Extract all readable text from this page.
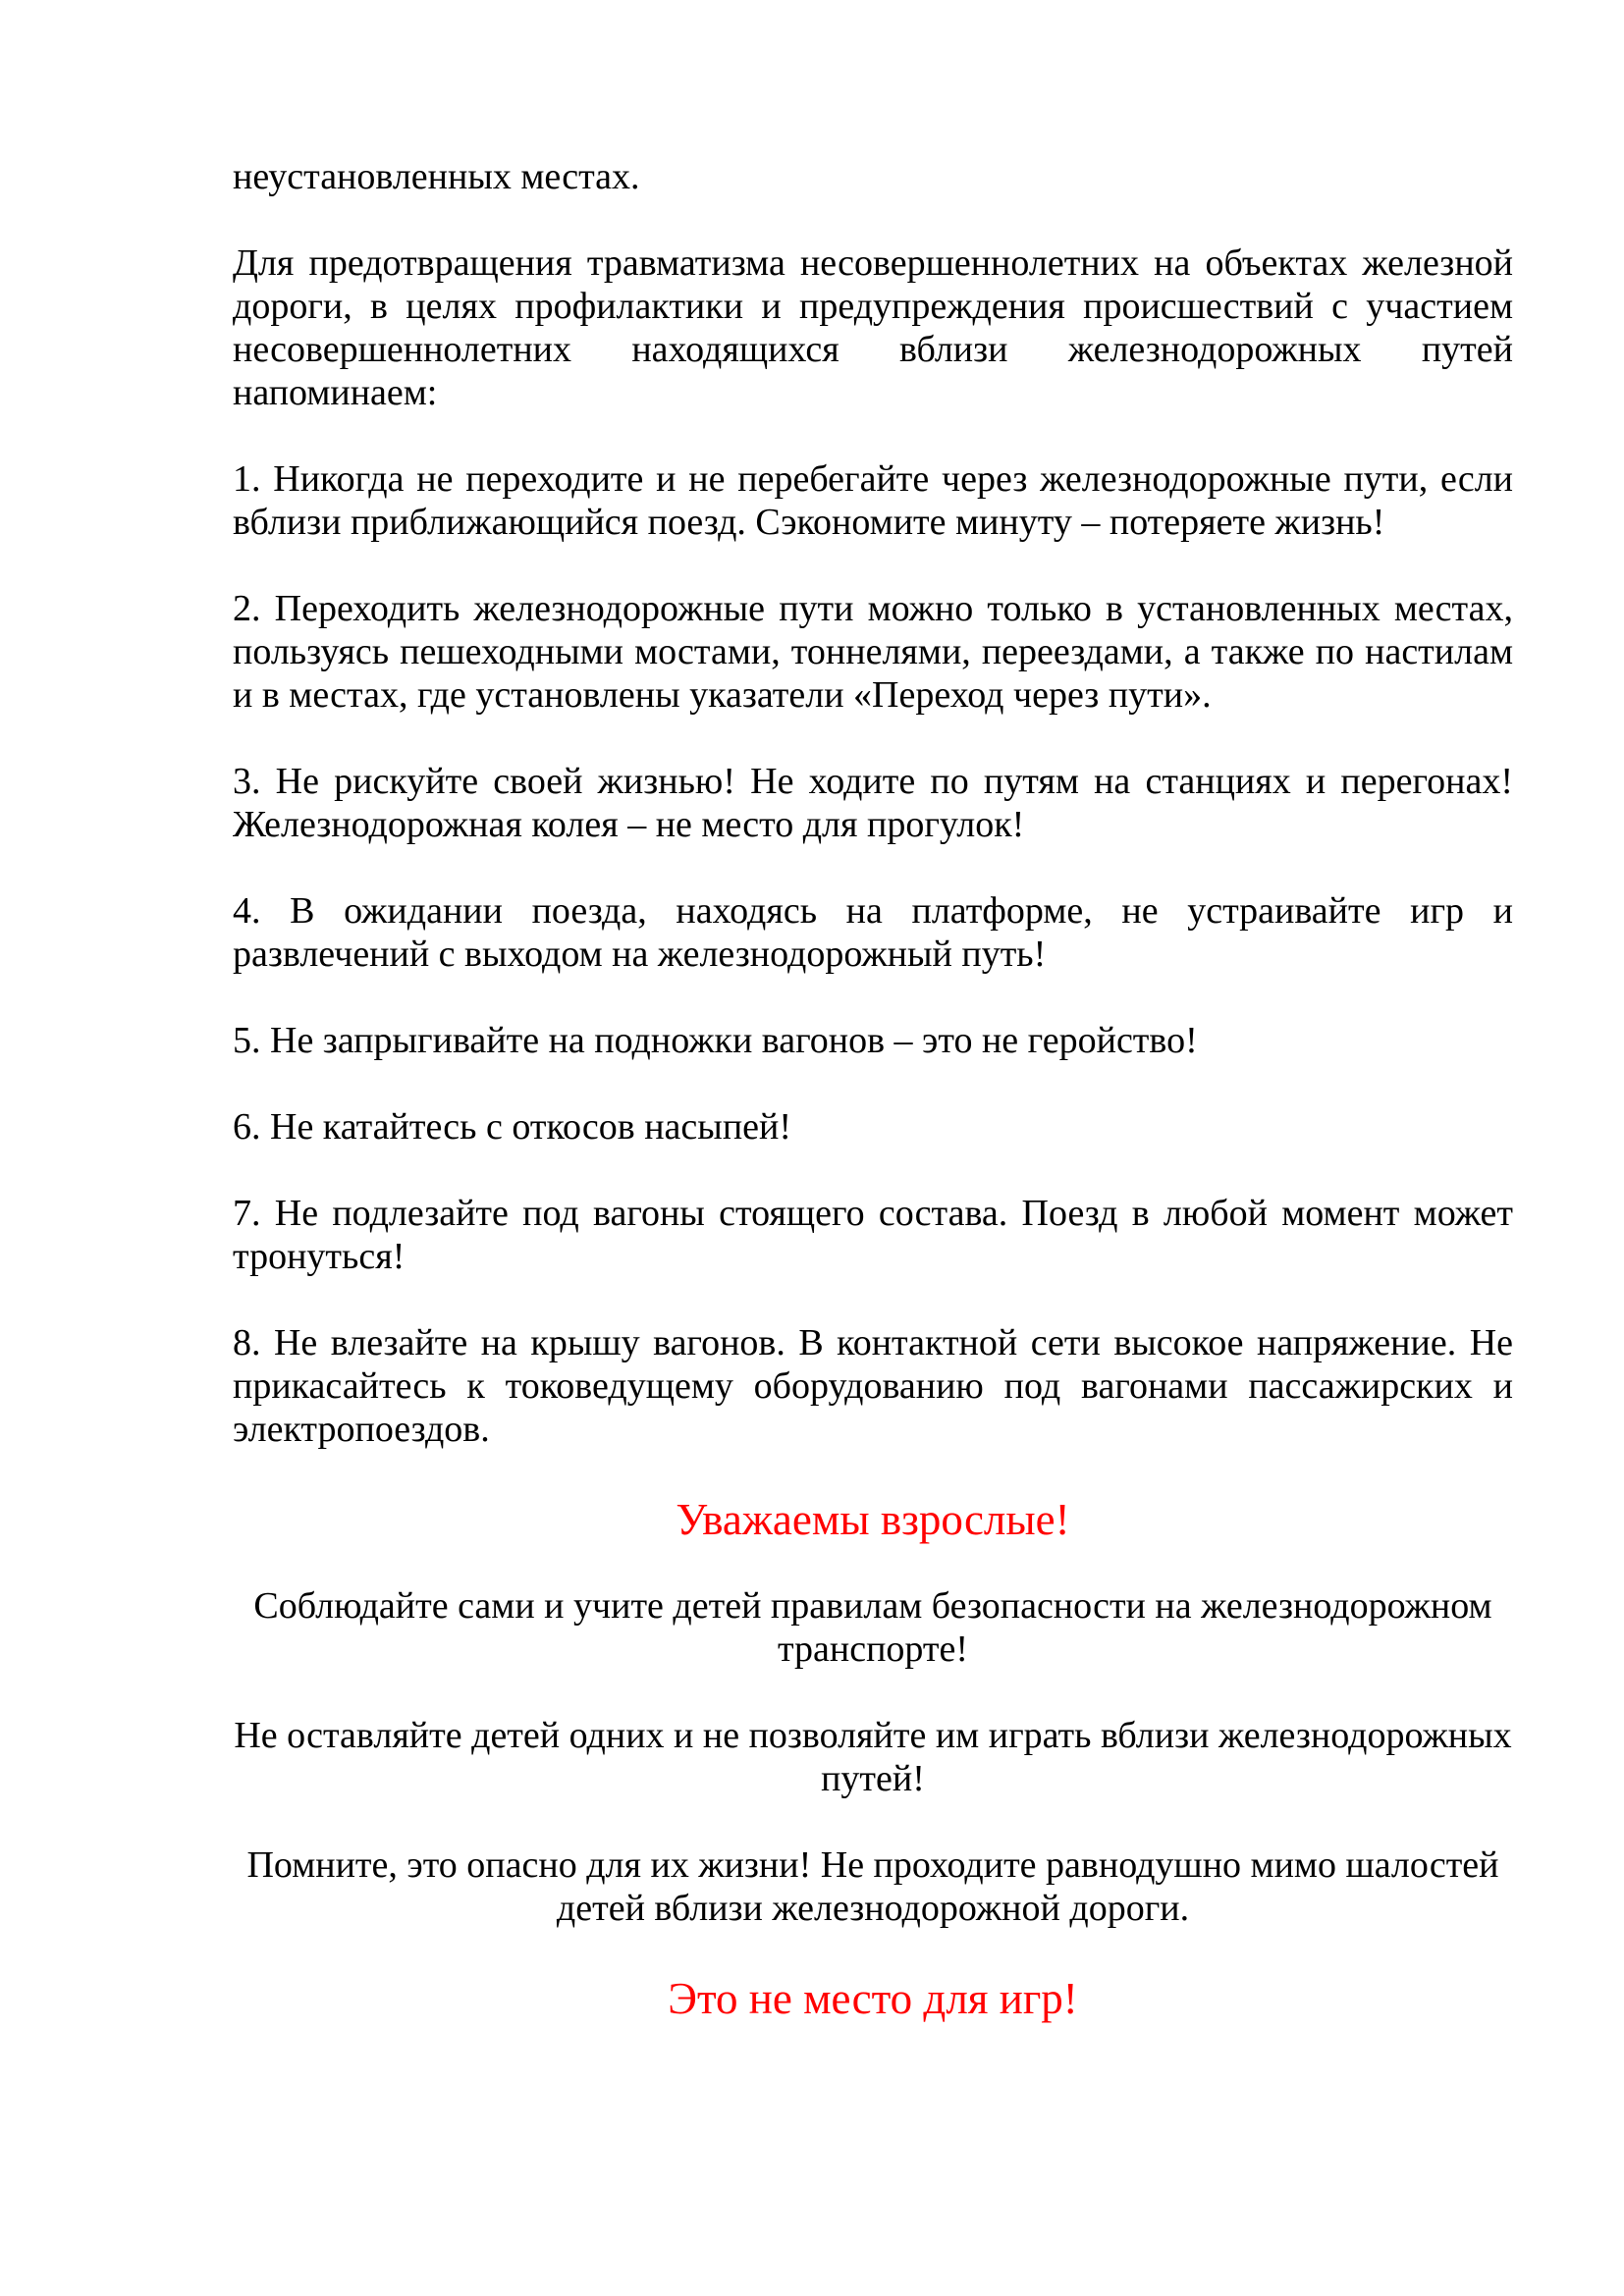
неустановленных местах.

Для предотвращения травматизма несовершеннолетних на объектах железной дороги, в целях профилактики и предупреждения происшествий с участием несовершеннолетних находящихся вблизи железнодорожных путей напоминаем:

1. Никогда не переходите и не перебегайте через железнодорожные пути, если вблизи приближающийся поезд. Сэкономите минуту – потеряете жизнь!

2. Переходить железнодорожные пути можно только в установленных местах, пользуясь пешеходными мостами, тоннелями, переездами, а также по настилам и в местах, где установлены указатели «Переход через пути».

3. Не рискуйте своей жизнью! Не ходите по путям на станциях и перегонах! Железнодорожная колея – не место для прогулок!

4. В ожидании поезда, находясь на платформе, не устраивайте игр и развлечений с выходом на железнодорожный путь!

5. Не запрыгивайте на подножки вагонов – это не геройство!

6. Не катайтесь с откосов насыпей!

7. Не подлезайте под вагоны стоящего состава. Поезд в любой момент может тронуться!

8. Не влезайте на крышу вагонов. В контактной сети высокое напряжение. Не прикасайтесь к токоведущему оборудованию под вагонами пассажирских и электропоездов.

Уважаемы взрослые!

Соблюдайте сами и учите детей правилам безопасности на железнодорожном транспорте!

Не оставляйте детей одних и не позволяйте им играть вблизи железнодорожных путей!

Помните, это опасно для их жизни! Не проходите равнодушно мимо шалостей детей вблизи железнодорожной дороги.

Это не место для игр!
